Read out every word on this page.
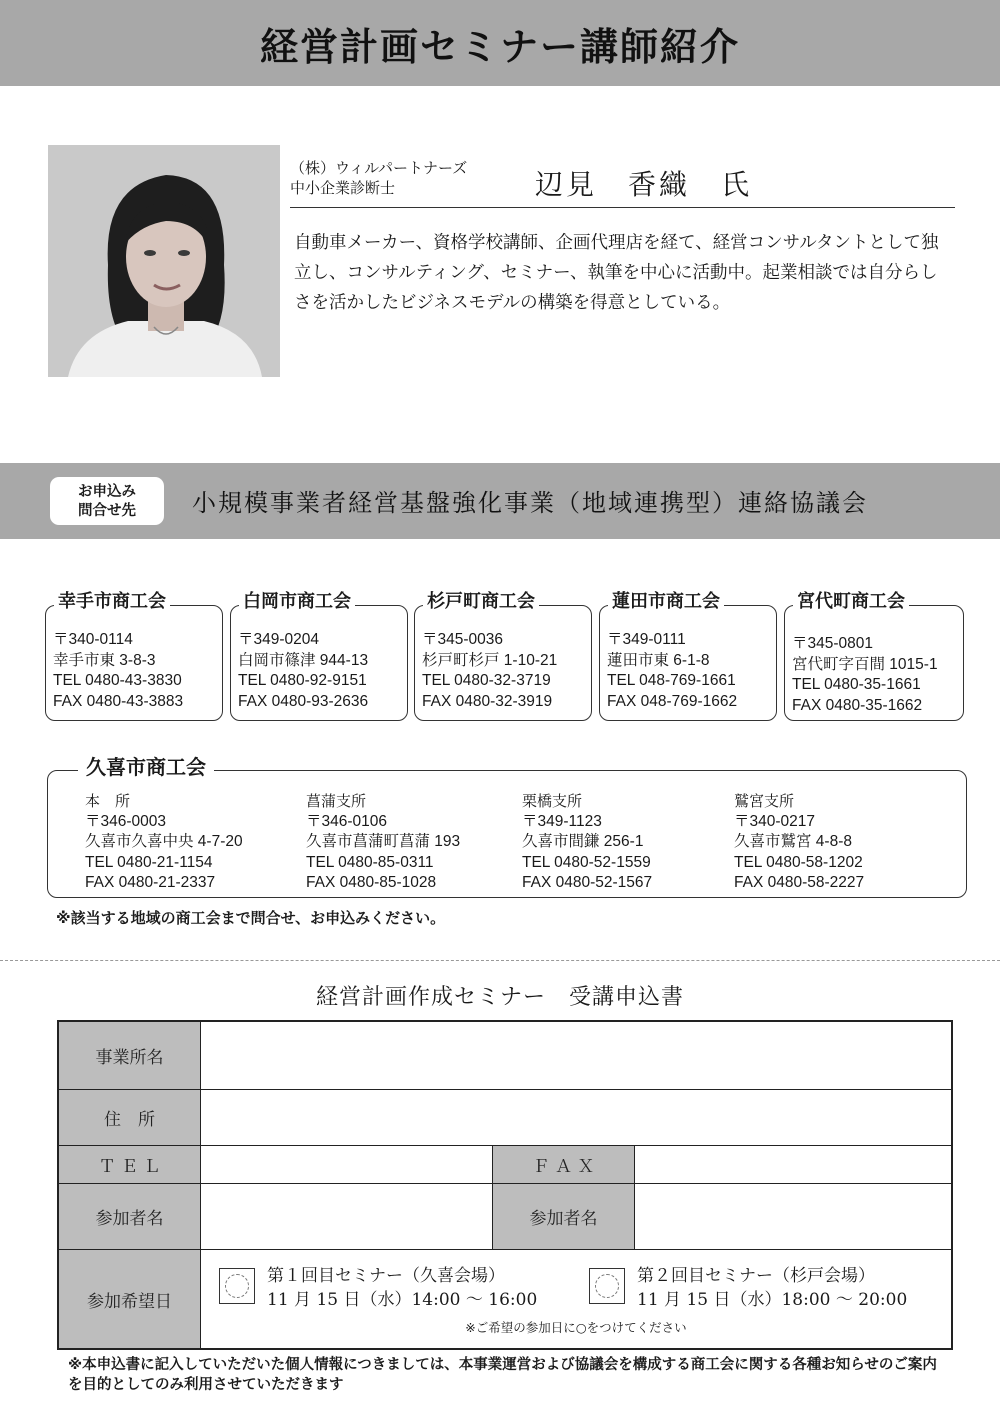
経営計画セミナー講師紹介
（株）ウィルパートナーズ
中小企業診断士	辺見　香織　氏
自動車メーカー、資格学校講師、企画代理店を経て、経営コンサルタントとして独立し、コンサルティング、セミナー、執筆を中心に活動中。起業相談では自分らしさを活かしたビジネスモデルの構築を得意としている。
お申込み
問合せ先	小規模事業者経営基盤強化事業（地域連携型）連絡協議会
幸手市商工会
〒340-0114
幸手市東 3-8-3
TEL 0480-43-3830
FAX 0480-43-3883
白岡市商工会
〒349-0204
白岡市篠津 944-13
TEL 0480-92-9151
FAX 0480-93-2636
杉戸町商工会
〒345-0036
杉戸町杉戸 1-10-21
TEL 0480-32-3719
FAX 0480-32-3919
蓮田市商工会
〒349-0111
蓮田市東 6-1-8
TEL 048-769-1661
FAX 048-769-1662
宮代町商工会
〒345-0801
宮代町字百間 1015-1
TEL 0480-35-1661
FAX 0480-35-1662
久喜市商工会
本　所
〒346-0003
久喜市久喜中央 4-7-20
TEL 0480-21-1154
FAX 0480-21-2337
菖蒲支所
〒346-0106
久喜市菖蒲町菖蒲 193
TEL 0480-85-0311
FAX 0480-85-1028
栗橋支所
〒349-1123
久喜市間鎌 256-1
TEL 0480-52-1559
FAX 0480-52-1567
鷲宮支所
〒340-0217
久喜市鷲宮 4-8-8
TEL 0480-58-1202
FAX 0480-58-2227
※該当する地域の商工会まで問合せ、お申込みください。
経営計画作成セミナー　受講申込書
事業所名
住　所
Ｔ Ｅ Ｌ	Ｆ Ａ Ｘ
参加者名	参加者名
参加希望日
第１回目セミナー（久喜会場）
11 月 15 日（水）14:00 ～ 16:00
第２回目セミナー（杉戸会場）
11 月 15 日（水）18:00 ～ 20:00
※ご希望の参加日に○をつけてください
※本申込書に記入していただいた個人情報につきましては、本事業運営および協議会を構成する商工会に関する各種お知らせのご案内を目的としてのみ利用させていただきます
